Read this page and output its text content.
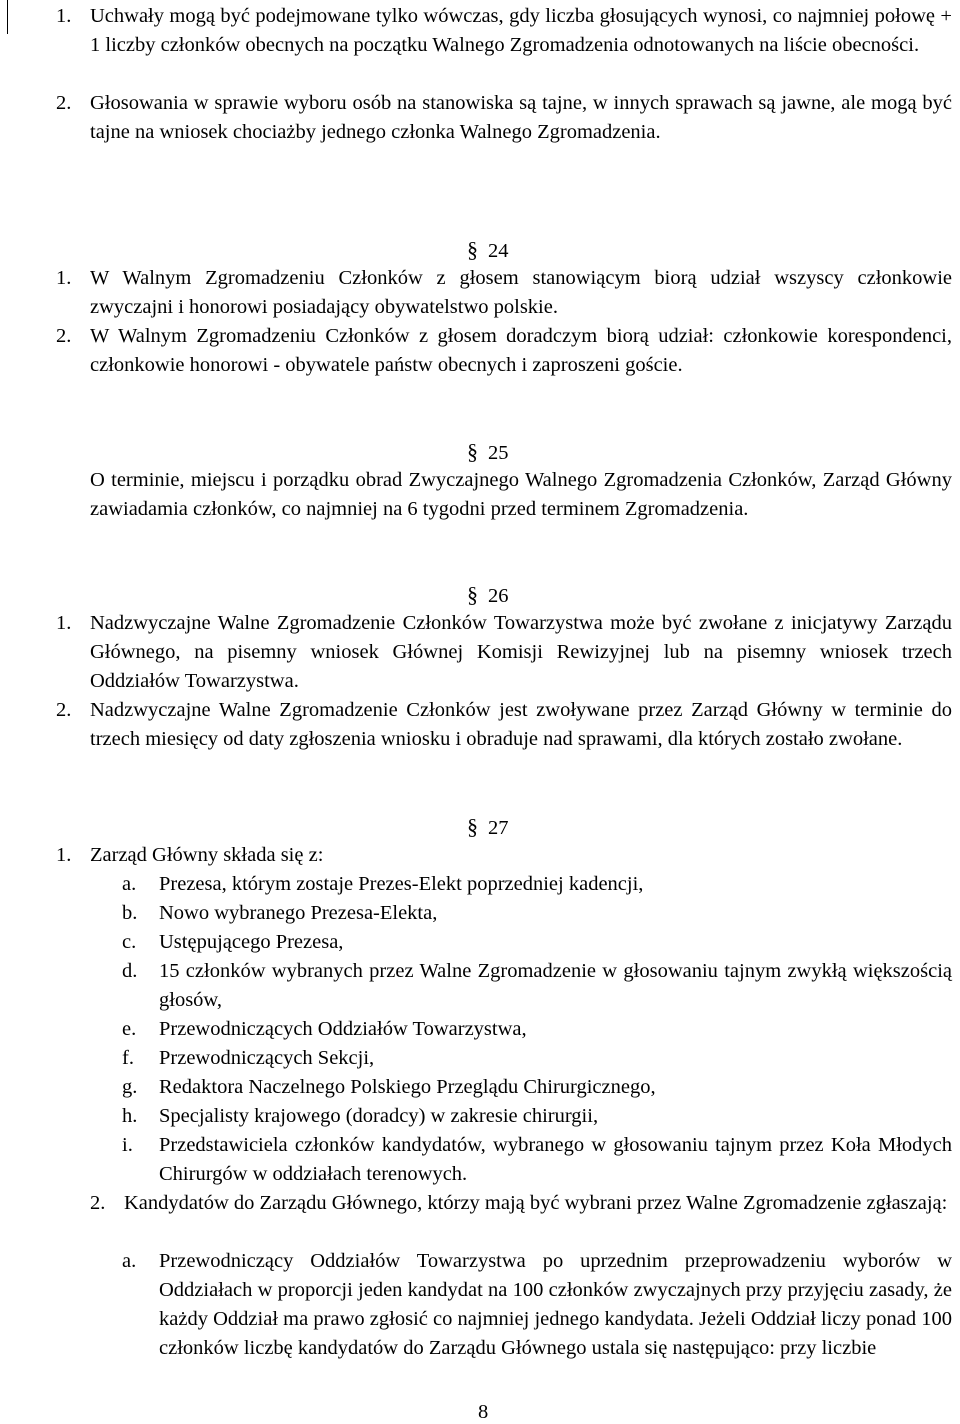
1. Uchwały mogą być podejmowane tylko wówczas, gdy liczba głosujących wynosi, co najmniej połowę + 1 liczby członków obecnych na początku Walnego Zgromadzenia odnotowanych na liście obecności.
2. Głosowania w sprawie wyboru osób na stanowiska są tajne, w innych sprawach są jawne, ale mogą być tajne na wniosek chociażby jednego członka Walnego Zgromadzenia.
§ 24
1. W Walnym Zgromadzeniu Członków z głosem stanowiącym biorą udział wszyscy członkowie zwyczajni i honorowi posiadający obywatelstwo polskie.
2. W Walnym Zgromadzeniu Członków z głosem doradczym biorą udział: członkowie korespondenci, członkowie honorowi - obywatele państw obecnych i zaproszeni goście.
§ 25
O terminie, miejscu i porządku obrad Zwyczajnego Walnego Zgromadzenia Członków, Zarząd Główny zawiadamia członków, co najmniej na 6 tygodni przed terminem Zgromadzenia.
§ 26
1. Nadzwyczajne Walne Zgromadzenie Członków Towarzystwa może być zwołane z inicjatywy Zarządu Głównego, na pisemny wniosek Głównej Komisji Rewizyjnej lub na pisemny wniosek trzech Oddziałów Towarzystwa.
2. Nadzwyczajne Walne Zgromadzenie Członków jest zwoływane przez Zarząd Główny w terminie do trzech miesięcy od daty zgłoszenia wniosku i obraduje nad sprawami, dla których zostało zwołane.
§ 27
1. Zarząd Główny składa się z:
a. Prezesa, którym zostaje Prezes-Elekt poprzedniej kadencji,
b. Nowo wybranego Prezesa-Elekta,
c. Ustępującego Prezesa,
d. 15 członków wybranych przez Walne Zgromadzenie w głosowaniu tajnym zwykłą większością głosów,
e. Przewodniczących Oddziałów Towarzystwa,
f. Przewodniczących Sekcji,
g. Redaktora Naczelnego Polskiego Przeglądu Chirurgicznego,
h. Specjalisty krajowego (doradcy) w zakresie chirurgii,
i. Przedstawiciela członków kandydatów, wybranego w głosowaniu tajnym przez Koła Młodych Chirurgów w oddziałach terenowych.
2. Kandydatów do Zarządu Głównego, którzy mają być wybrani przez Walne Zgromadzenie zgłaszają:
a. Przewodniczący Oddziałów Towarzystwa po uprzednim przeprowadzeniu wyborów w Oddziałach w proporcji jeden kandydat na 100 członków zwyczajnych przy przyjęciu zasady, że każdy Oddział ma prawo zgłosić co najmniej jednego kandydata. Jeżeli Oddział liczy ponad 100 członków liczbę kandydatów do Zarządu Głównego ustala się następująco: przy liczbie
8
